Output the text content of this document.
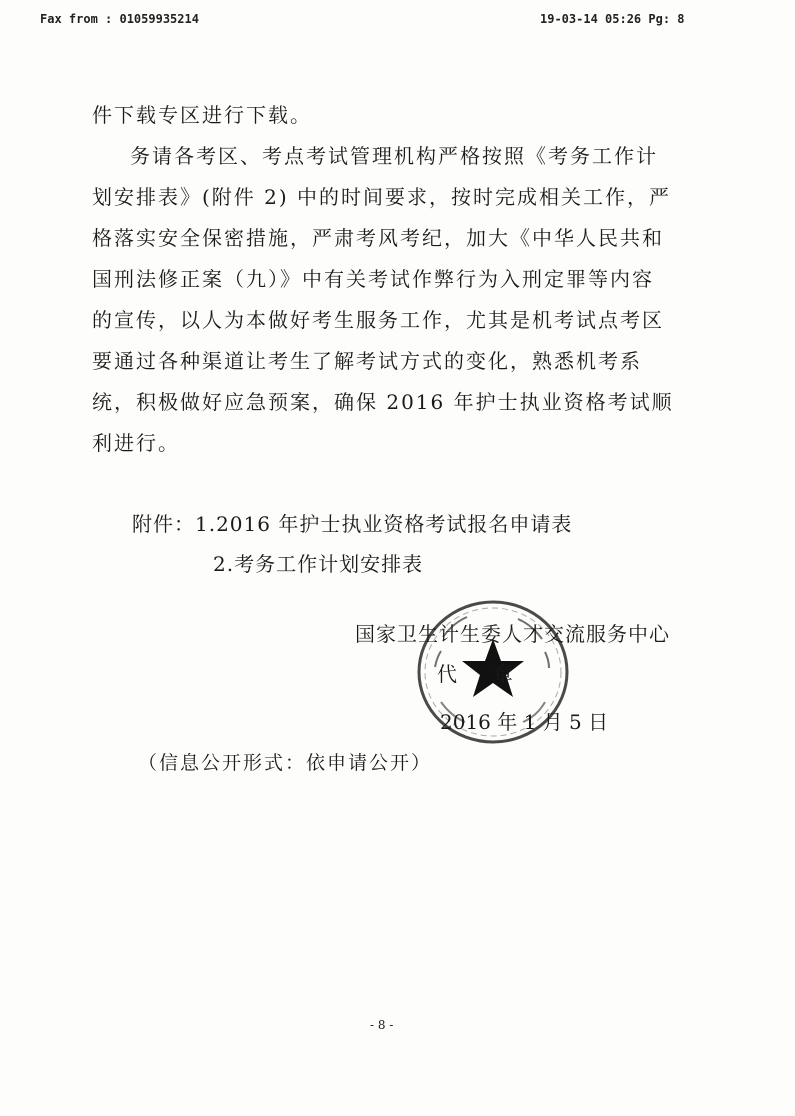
Fax from : 01059935214	19-03-14 05:26 Pg: 8
件下载专区进行下载。
务请各考区、考点考试管理机构严格按照《考务工作计
划安排表》(附件 2) 中的时间要求，按时完成相关工作，严
格落实安全保密措施，严肃考风考纪，加大《中华人民共和
国刑法修正案（九）》中有关考试作弊行为入刑定罪等内容
的宣传，以人为本做好考生服务工作，尤其是机考试点考区
要通过各种渠道让考生了解考试方式的变化，熟悉机考系
统，积极做好应急预案，确保 2016 年护士执业资格考试顺
利进行。
附件：1.2016 年护士执业资格考试报名申请表
2.考务工作计划安排表
国家卫生计生委人才交流服务中心
代章
2016 年 1 月 5 日
（信息公开形式：依申请公开）
- 8 -
